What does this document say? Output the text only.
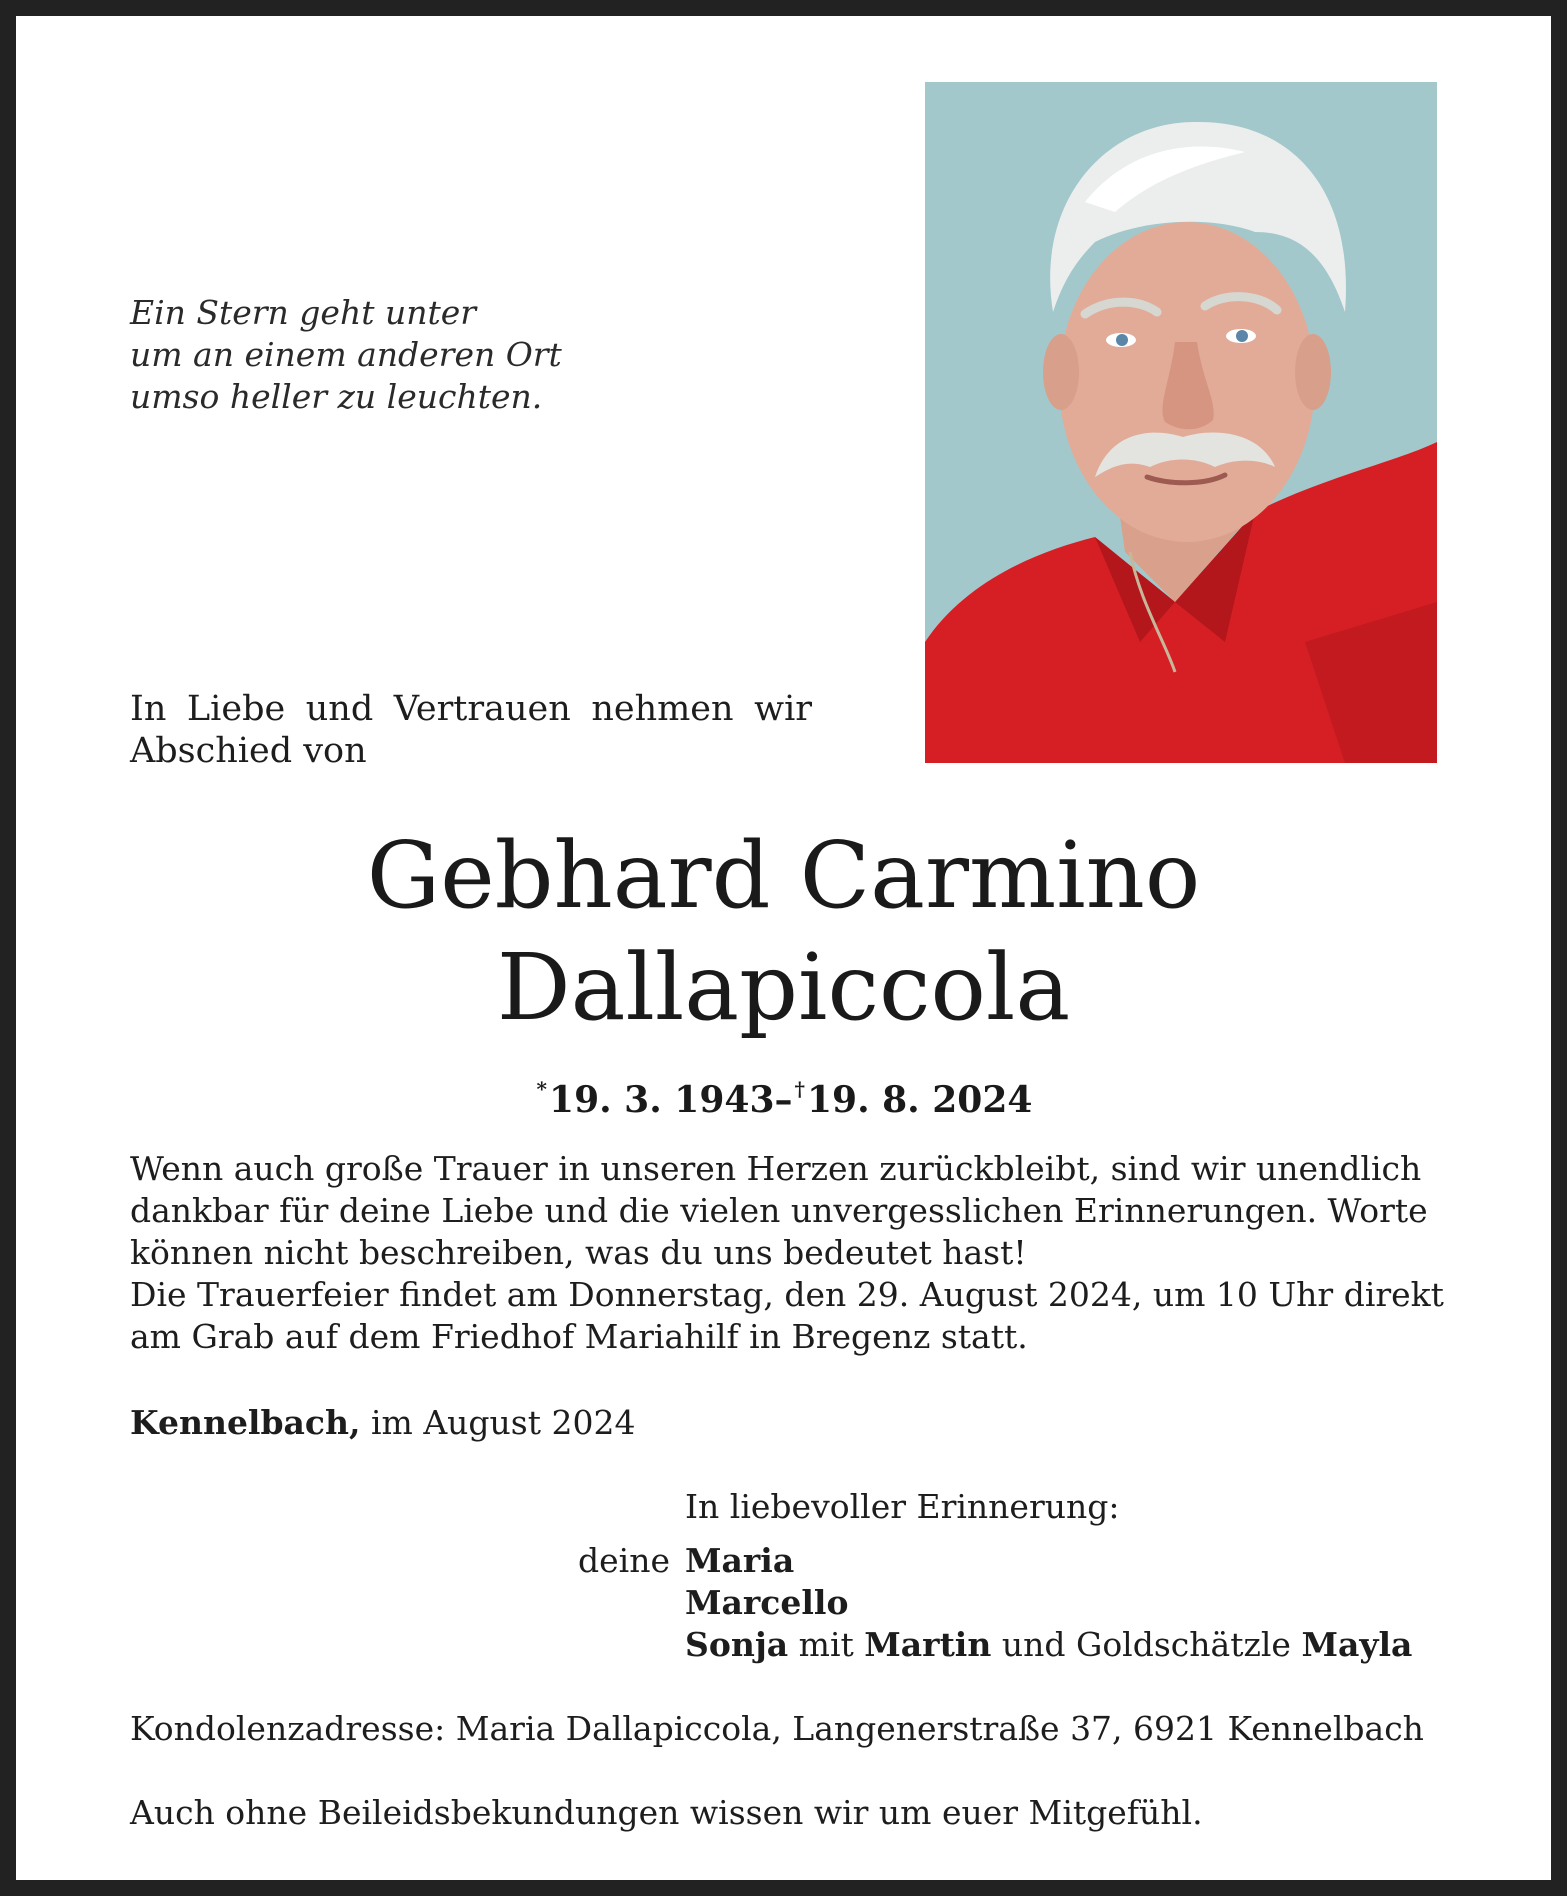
Ein Stern geht unter
um an einem anderen Ort
umso heller zu leuchten.
In Liebe und Vertrauen nehmen wir
Abschied von
Gebhard Carmino
Dallapiccola
*19. 3. 1943– †19. 8. 2024
Wenn auch große Trauer in unseren Herzen zurückbleibt, sind wir unendlich
dankbar für deine Liebe und die vielen unvergesslichen Erinnerungen. Worte
können nicht beschreiben, was du uns bedeutet hast!
Die Trauerfeier findet am Donnerstag, den 29. August 2024, um 10 Uhr direkt
am Grab auf dem Friedhof Mariahilf in Bregenz statt.
Kennelbach, im August 2024
In liebevoller Erinnerung:
deine Maria
Marcello
Sonja mit Martin und Goldschätzle Mayla
Kondolenzadresse: Maria Dallapiccola, Langenerstraße 37, 6921 Kennelbach
Auch ohne Beileidsbekundungen wissen wir um euer Mitgefühl.
